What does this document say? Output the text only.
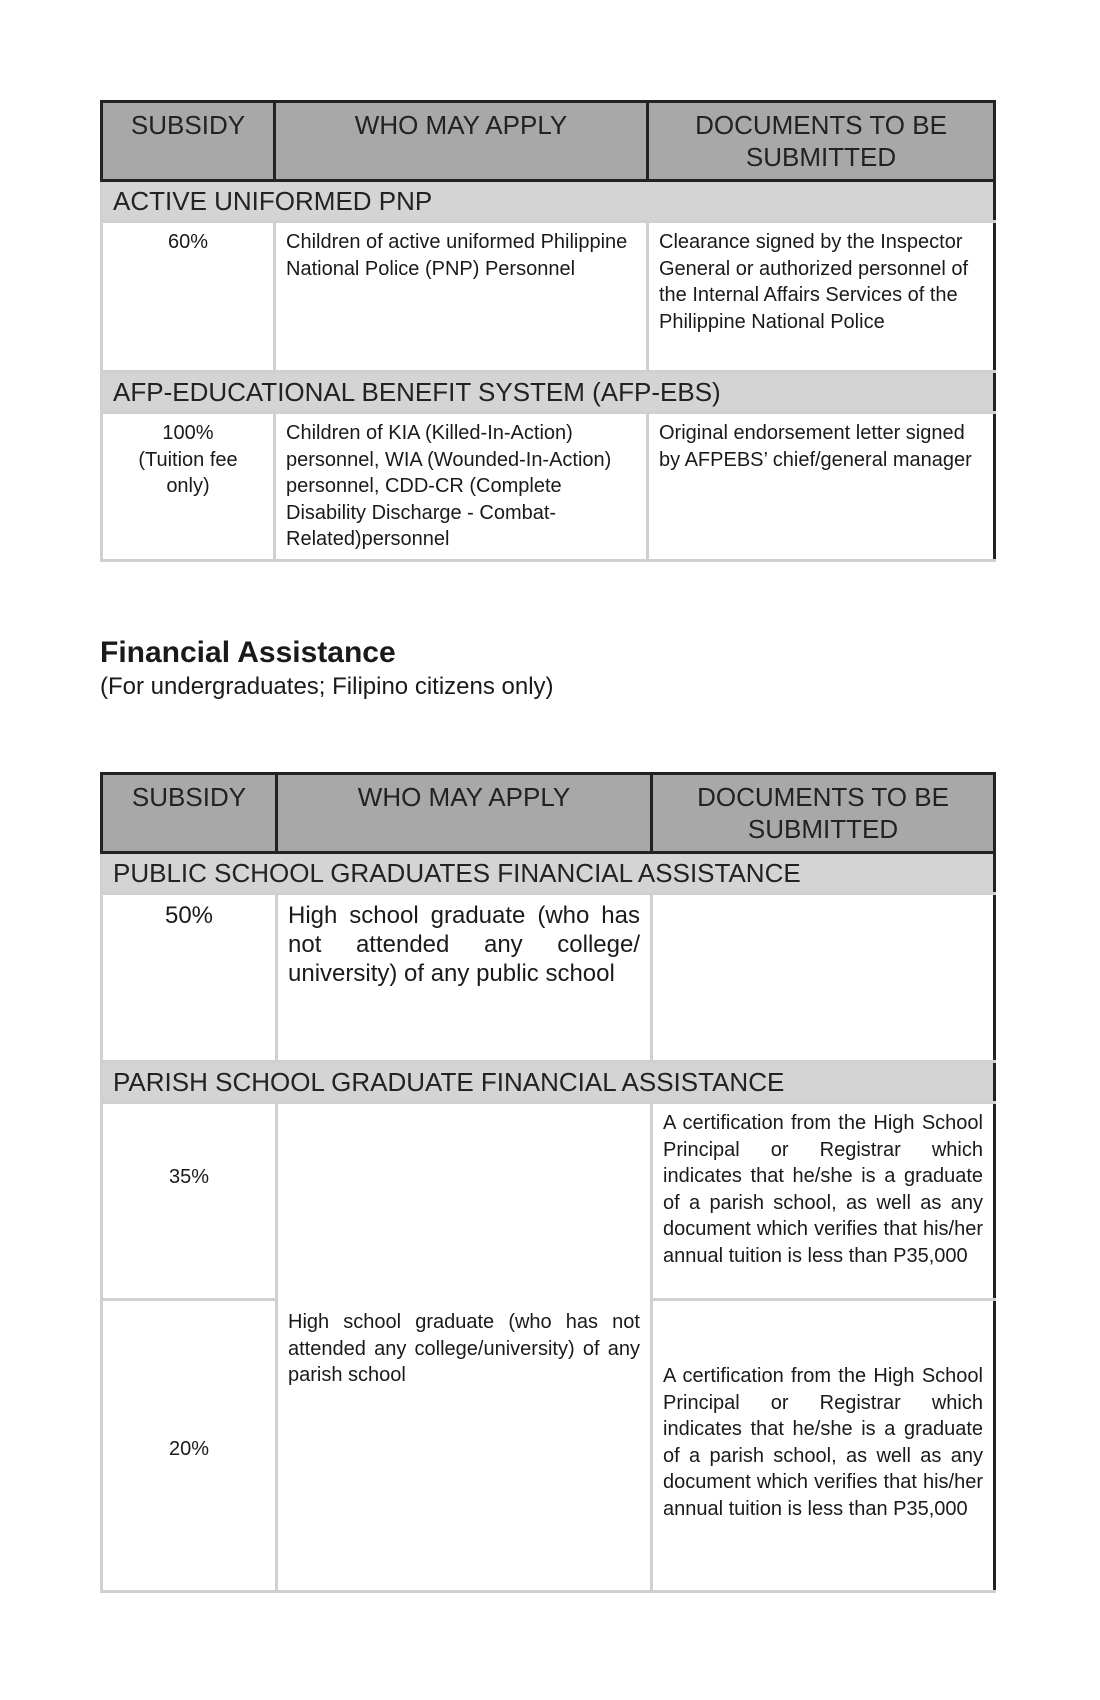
SUBSIDY	WHO MAY APPLY	DOCUMENTS TO BE SUBMITTED
ACTIVE UNIFORMED PNP		
60%	Children of active uniformed Philippine National Police (PNP) Personnel	Clearance signed by the Inspector General or authorized personnel of the Internal Affairs Services of the Philippine National Police
AFP-EDUCATIONAL BENEFIT SYSTEM (AFP-EBS)		

100% (Tuition fee only)	Children of KIA (Killed-In-Action) personnel, WIA (Wounded-In-Action) personnel, CDD-CR (Complete Disability Discharge - Combat-Related)personnel	Original endorsement letter signed by AFPEBS’ chief/general manager
Financial Assistance

(For undergraduates; Filipino citizens only)

SUBSIDY	WHO MAY APPLY	DOCUMENTS TO BE SUBMITTED
PUBLIC SCHOOL GRADUATES FINANCIAL ASSISTANCE		
50%	High school graduate (who has not attended any college/ university) of any public school	
PARISH SCHOOL GRADUATE FINANCIAL ASSISTANCE		
35%	High school graduate (who has not attended any college/university) of any parish school	A certification from the High School Principal or Registrar which indicates that he/she is a graduate of a parish school, as well as any document which verifies that his/her annual tuition is less than P35,000
20%		A certification from the High School Principal or Registrar which indicates that he/she is a graduate of a parish school, as well as any document which verifies that his/her annual tuition is less than P35,000
